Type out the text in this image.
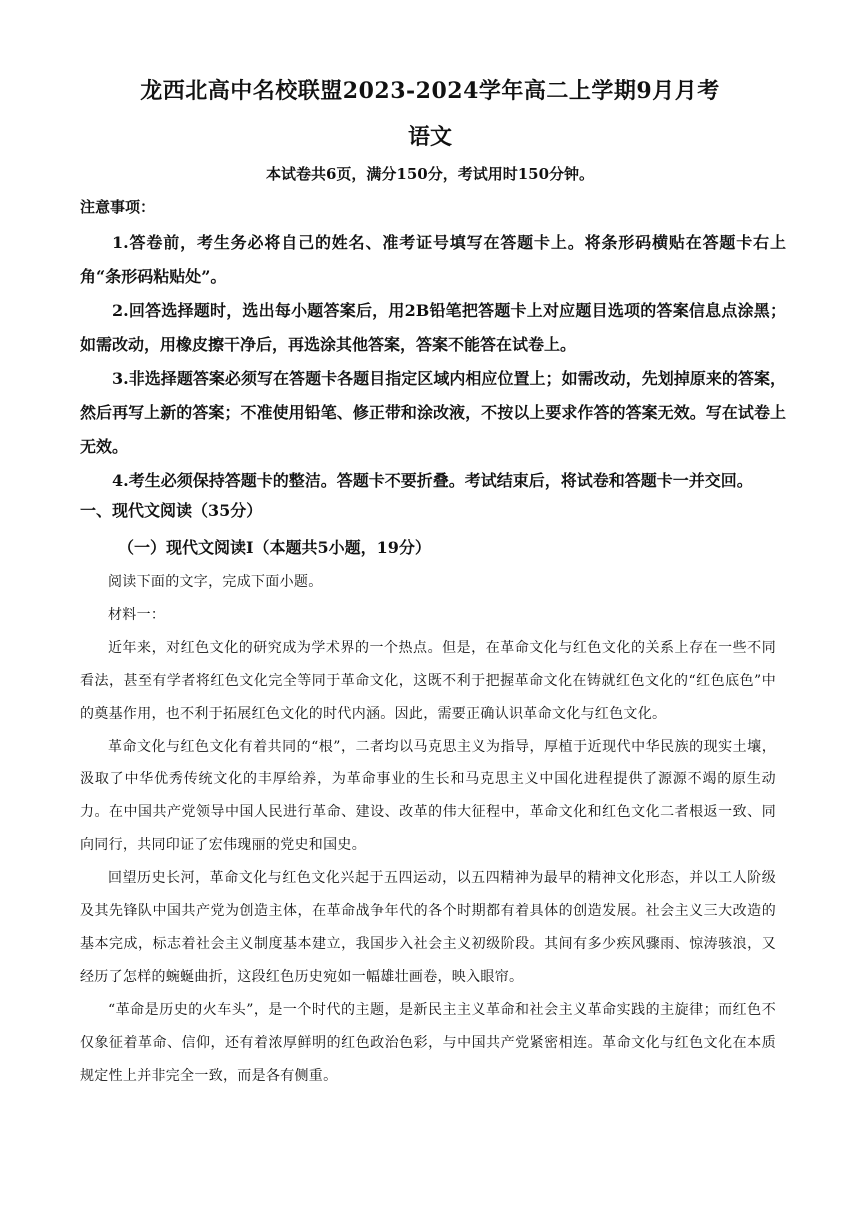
龙西北高中名校联盟2023-2024学年高二上学期9月月考
语文
本试卷共6页，满分150分，考试用时150分钟。
注意事项：

1.答卷前，考生务必将自己的姓名、准考证号填写在答题卡上。将条形码横贴在答题卡右上角“条形码粘贴处”。

2.回答选择题时，选出每小题答案后，用2B铅笔把答题卡上对应题目选项的答案信息点涂黑；如需改动，用橡皮擦干净后，再选涂其他答案，答案不能答在试卷上。

3.非选择题答案必须写在答题卡各题目指定区域内相应位置上；如需改动，先划掉原来的答案，然后再写上新的答案；不准使用铅笔、修正带和涂改液，不按以上要求作答的答案无效。写在试卷上无效。

4.考生必须保持答题卡的整洁。答题卡不要折叠。考试结束后，将试卷和答题卡一并交回。

一、现代文阅读（35分）
（一）现代文阅读Ⅰ（本题共5小题，19分）

阅读下面的文字，完成下面小题。

材料一：

近年来，对红色文化的研究成为学术界的一个热点。但是，在革命文化与红色文化的关系上存在一些不同看法，甚至有学者将红色文化完全等同于革命文化，这既不利于把握革命文化在铸就红色文化的“红色底色”中的奠基作用，也不利于拓展红色文化的时代内涵。因此，需要正确认识革命文化与红色文化。

革命文化与红色文化有着共同的“根”，二者均以马克思主义为指导，厚植于近现代中华民族的现实土壤，汲取了中华优秀传统文化的丰厚给养，为革命事业的生长和马克思主义中国化进程提供了源源不竭的原生动力。在中国共产党领导中国人民进行革命、建设、改革的伟大征程中，革命文化和红色文化二者根返一致、同向同行，共同印证了宏伟瑰丽的党史和国史。

回望历史长河，革命文化与红色文化兴起于五四运动，以五四精神为最早的精神文化形态，并以工人阶级及其先锋队中国共产党为创造主体，在革命战争年代的各个时期都有着具体的创造发展。社会主义三大改造的基本完成，标志着社会主义制度基本建立，我国步入社会主义初级阶段。其间有多少疾风骤雨、惊涛骇浪，又经历了怎样的蜿蜒曲折，这段红色历史宛如一幅雄壮画卷，映入眼帘。

“革命是历史的火车头”，是一个时代的主题，是新民主主义革命和社会主义革命实践的主旋律；而红色不仅象征着革命、信仰，还有着浓厚鲜明的红色政治色彩，与中国共产党紧密相连。革命文化与红色文化在本质规定性上并非完全一致，而是各有侧重。
